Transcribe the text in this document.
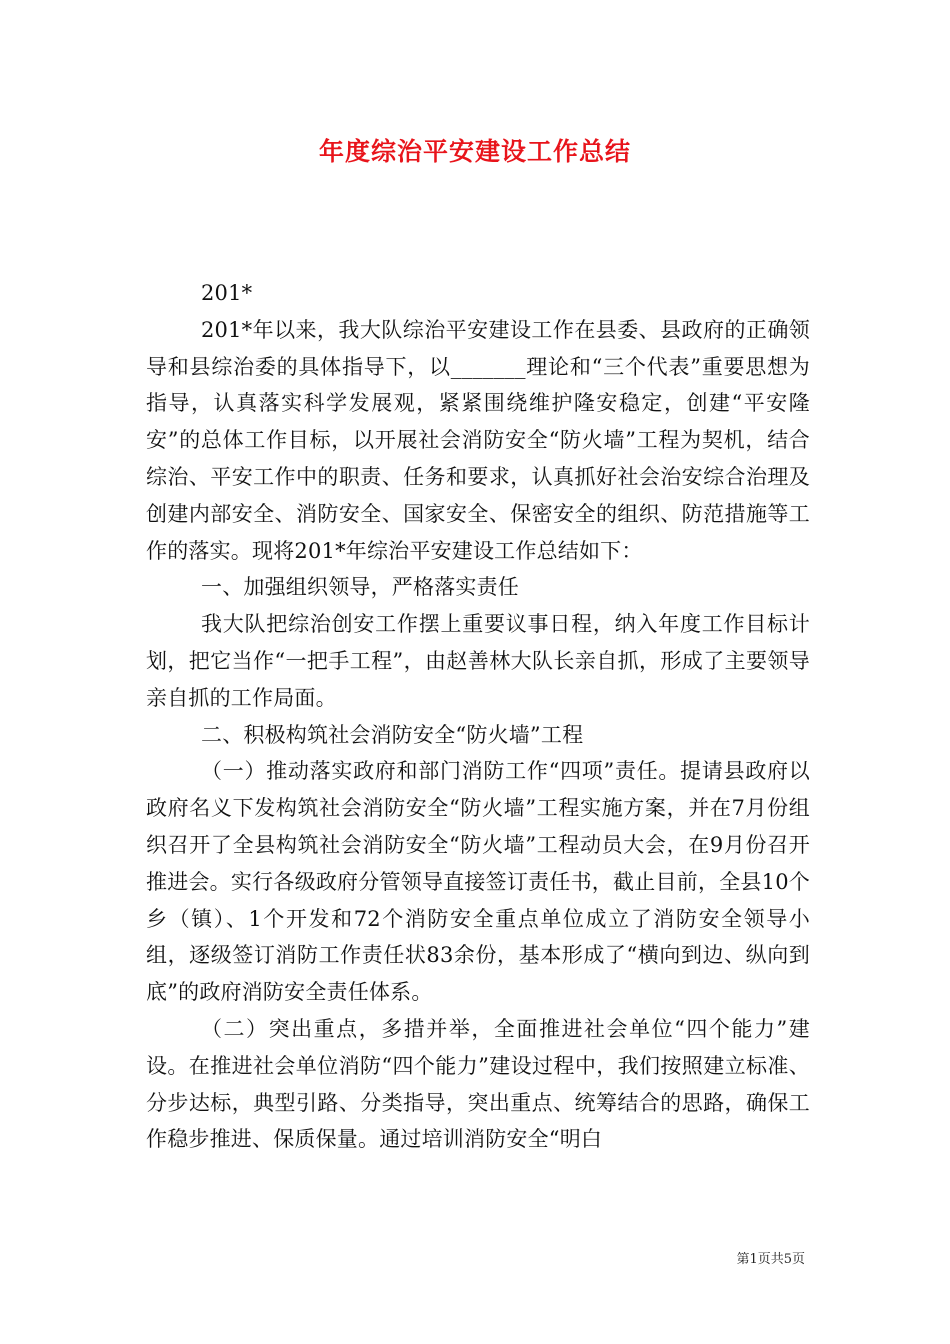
年度综治平安建设工作总结

201*

201*年以来，我大队综治平安建设工作在县委、县政府的正确领导和县综治委的具体指导下，以_______理论和“三个代表”重要思想为指导，认真落实科学发展观，紧紧围绕维护隆安稳定，创建“平安隆安”的总体工作目标，以开展社会消防安全“防火墙”工程为契机，结合综治、平安工作中的职责、任务和要求，认真抓好社会治安综合治理及创建内部安全、消防安全、国家安全、保密安全的组织、防范措施等工作的落实。现将201*年综治平安建设工作总结如下：

一、加强组织领导，严格落实责任

我大队把综治创安工作摆上重要议事日程，纳入年度工作目标计划，把它当作“一把手工程”，由赵善林大队长亲自抓，形成了主要领导亲自抓的工作局面。

二、积极构筑社会消防安全“防火墙”工程

（一）推动落实政府和部门消防工作“四项”责任。提请县政府以政府名义下发构筑社会消防安全“防火墙”工程实施方案，并在7月份组织召开了全县构筑社会消防安全“防火墙”工程动员大会，在9月份召开推进会。实行各级政府分管领导直接签订责任书，截止目前，全县10个乡（镇）、1个开发和72个消防安全重点单位成立了消防安全领导小组，逐级签订消防工作责任状83余份，基本形成了“横向到边、纵向到底”的政府消防安全责任体系。

（二）突出重点，多措并举，全面推进社会单位“四个能力”建设。在推进社会单位消防“四个能力”建设过程中，我们按照建立标准、分步达标，典型引路、分类指导，突出重点、统筹结合的思路，确保工作稳步推进、保质保量。通过培训消防安全“明白

第1页共5页
